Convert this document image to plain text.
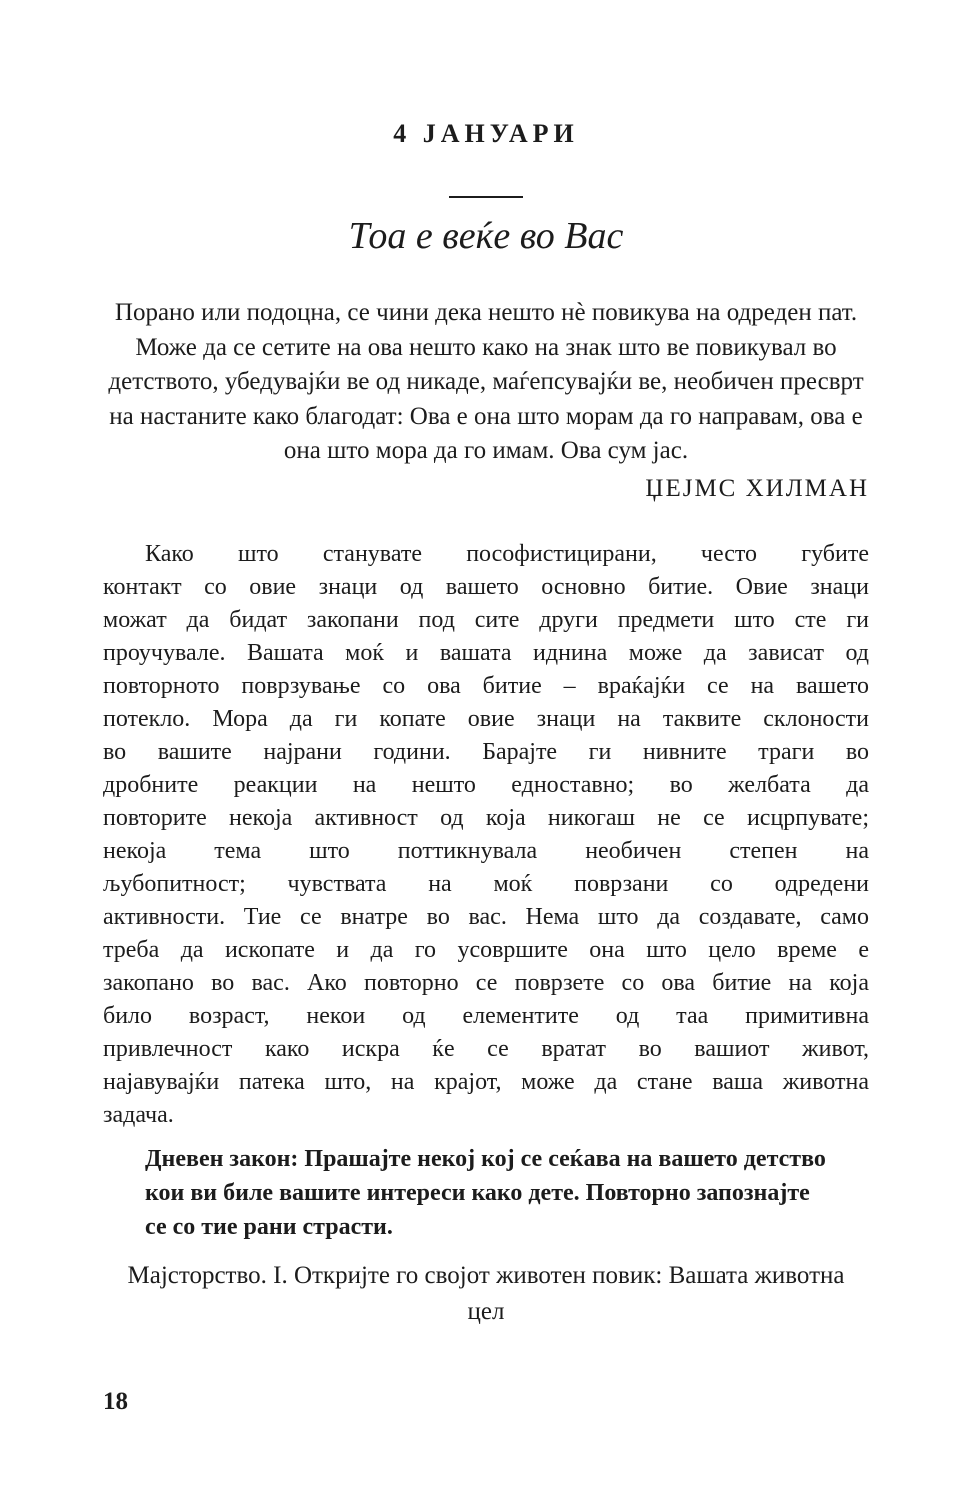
4 ЈАНУАРИ
Тоа е веќе во Вас
Порано или подоцна, се чини дека нешто нѐ повикува на одреден пат.
Може да се сетите на ова нешто како на знак што ве повикувал во
детството, убедувајќи ве од никаде, маѓепсувајќи ве, необичен пресврт
на настаните како благодат: Ова е она што морам да го направам, ова е
она што мора да го имам. Ова сум јас.
ЏЕЈМС ХИЛМАН
Како што станувате пософистицирани, често губите
контакт со овие знаци од вашето основно битие. Овие знаци
можат да бидат закопани под сите други предмети што сте ги
проучувале. Вашата моќ и вашата иднина може да зависат од
повторното поврзување со ова битие – враќајќи се на вашето
потекло. Мора да ги копате овие знаци на таквите склоности
во вашите најрани години. Барајте ги нивните траги во
дробните реакции на нешто едноставно; во желбата да
повторите некоја активност од која никогаш не се исцрпувате;
некоја тема што поттикнувала необичен степен на
љубопитност; чувствата на моќ поврзани со одредени
активности. Тие се внатре во вас. Нема што да создавате, само
треба да ископате и да го усовршите она што цело време е
закопано во вас. Ако повторно се поврзете со ова битие на која
било возраст, некои од елементите од таа примитивна
привлечност како искра ќе се вратат во вашиот живот,
најавувајќи патека што, на крајот, може да стане ваша животна
задача.
Дневен закон: Прашајте некој кој се сеќава на вашето детство
кои ви биле вашите интереси како дете. Повторно запознајте
се со тие рани страсти.
Мајсторство. I. Откријте го својот животен повик: Вашата животна
цел
18
